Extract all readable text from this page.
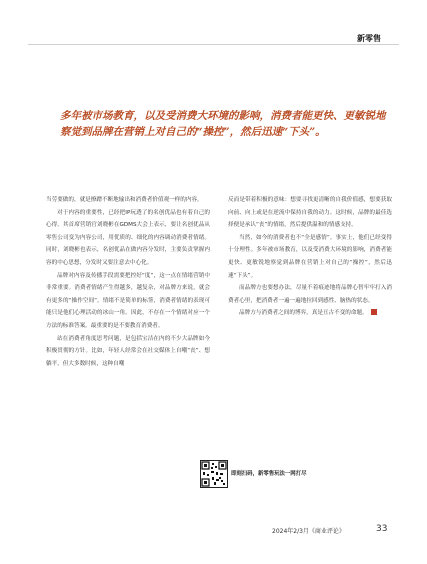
新零售
多年被市场教育，以及受消费大环境的影响，消费者能更快、更敏锐地察觉到品牌在营销上对自己的“操控”，然后迅速“下头”。

当劳要做的，就是撩蹭不断地输出和消费者价值观一样的内容。

对于内容的重要性，已经把IP玩透了的名创优品也有着自己的心得。其首席营销官刘晓彬在GDMS大会上表示，要让名创优品从零售公司变为内容公司，用优质的、细化的内容调动消费者情绪。同时，刘晓彬也表示，名创优品在做内容分发时，主要负责掌握内容的中心思想，分发时又要注意去中心化。

品牌对内容及传播手段需要把控好“度”，这一点在情绪营销中非常重要。消费者情绪产生得越多，越复杂，对品牌方来说，就会有更多的“操作空间”。情绪不是简单的标签，消费者情绪的表现可能只是他们心理活动的冰山一角。因此，不存在一个情绪对应一个方法的标准答案。最重要的是不要教育消费者。

站在消费者角度思考问题，是包括宝洁在内的不少大品牌如今积极贯彻的方针。比如，年轻人经常会在社交媒体上自嘲“丧”、想躺平，但大多数时候，这种自嘲

反而是带着积极的意味：想要寻找更清晰的自我价值感，想要获取向前、向上或是在逆流中保持自我的动力。这时候，品牌的最佳选择便是承认“丧”的情绪，然后提供温和的情感支持。

当然，如今的消费者也不“全是感情”。事实上，他们已经变得十分理性。多年被市场教育，以及受消费大环境的影响，消费者能更快、更敏锐地察觉到品牌在营销上对自己的“操控”，然后迅速“下头”。

而品牌方也要想办法，尽量不着痕迹地将品牌心智牢牢打入消费者心里，把消费者一遍一遍地拉回到感性、脑热的状态。

品牌方与消费者之间的博弈，真是亘古不变的命题。

即刻扫码，新零售玩法一网打尽
2024年2/3月《商业评论》	33
